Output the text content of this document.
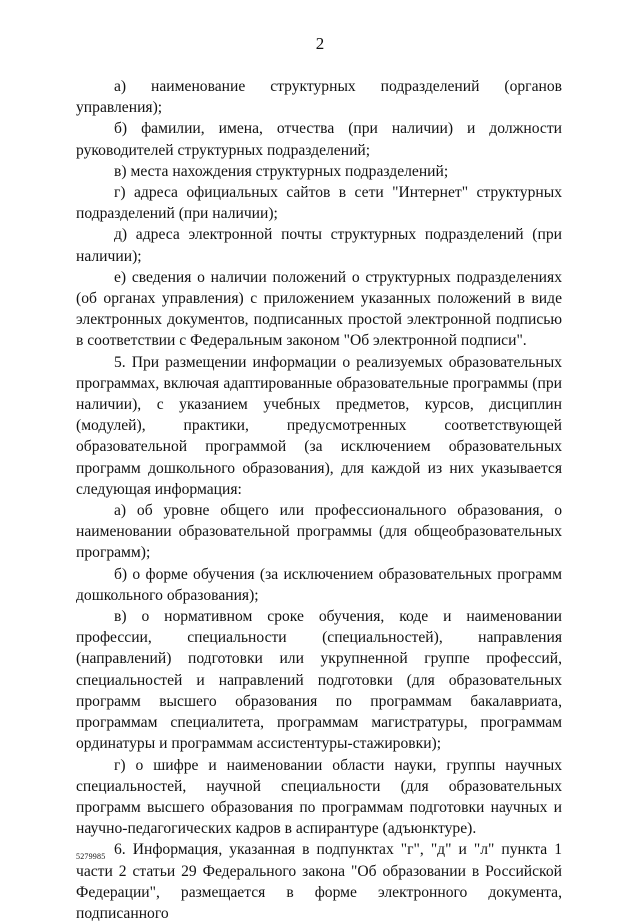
2

а) наименование структурных подразделений (органов управления);

б) фамилии, имена, отчества (при наличии) и должности руководителей структурных подразделений;

в) места нахождения структурных подразделений;

г) адреса официальных сайтов в сети "Интернет" структурных подразделений (при наличии);

д) адреса электронной почты структурных подразделений (при наличии);

е) сведения о наличии положений о структурных подразделениях (об органах управления) с приложением указанных положений в виде электронных документов, подписанных простой электронной подписью в соответствии с Федеральным законом "Об электронной подписи".

5. При размещении информации о реализуемых образовательных программах, включая адаптированные образовательные программы (при наличии), с указанием учебных предметов, курсов, дисциплин (модулей), практики, предусмотренных соответствующей образовательной программой (за исключением образовательных программ дошкольного образования), для каждой из них указывается следующая информация:

а) об уровне общего или профессионального образования, о наименовании образовательной программы (для общеобразовательных программ);

б) о форме обучения (за исключением образовательных программ дошкольного образования);

в) о нормативном сроке обучения, коде и наименовании профессии, специальности (специальностей), направления (направлений) подготовки или укрупненной группе профессий, специальностей и направлений подготовки (для образовательных программ высшего образования по программам бакалавриата, программам специалитета, программам магистратуры, программам ординатуры и программам ассистентуры-стажировки);

г) о шифре и наименовании области науки, группы научных специальностей, научной специальности (для образовательных программ высшего образования по программам подготовки научных и научно-педагогических кадров в аспирантуре (адъюнктуре).

6. Информация, указанная в подпунктах "г", "д" и "л" пункта 1 части 2 статьи 29 Федерального закона "Об образовании в Российской Федерации", размещается в форме электронного документа, подписанного

5279985
